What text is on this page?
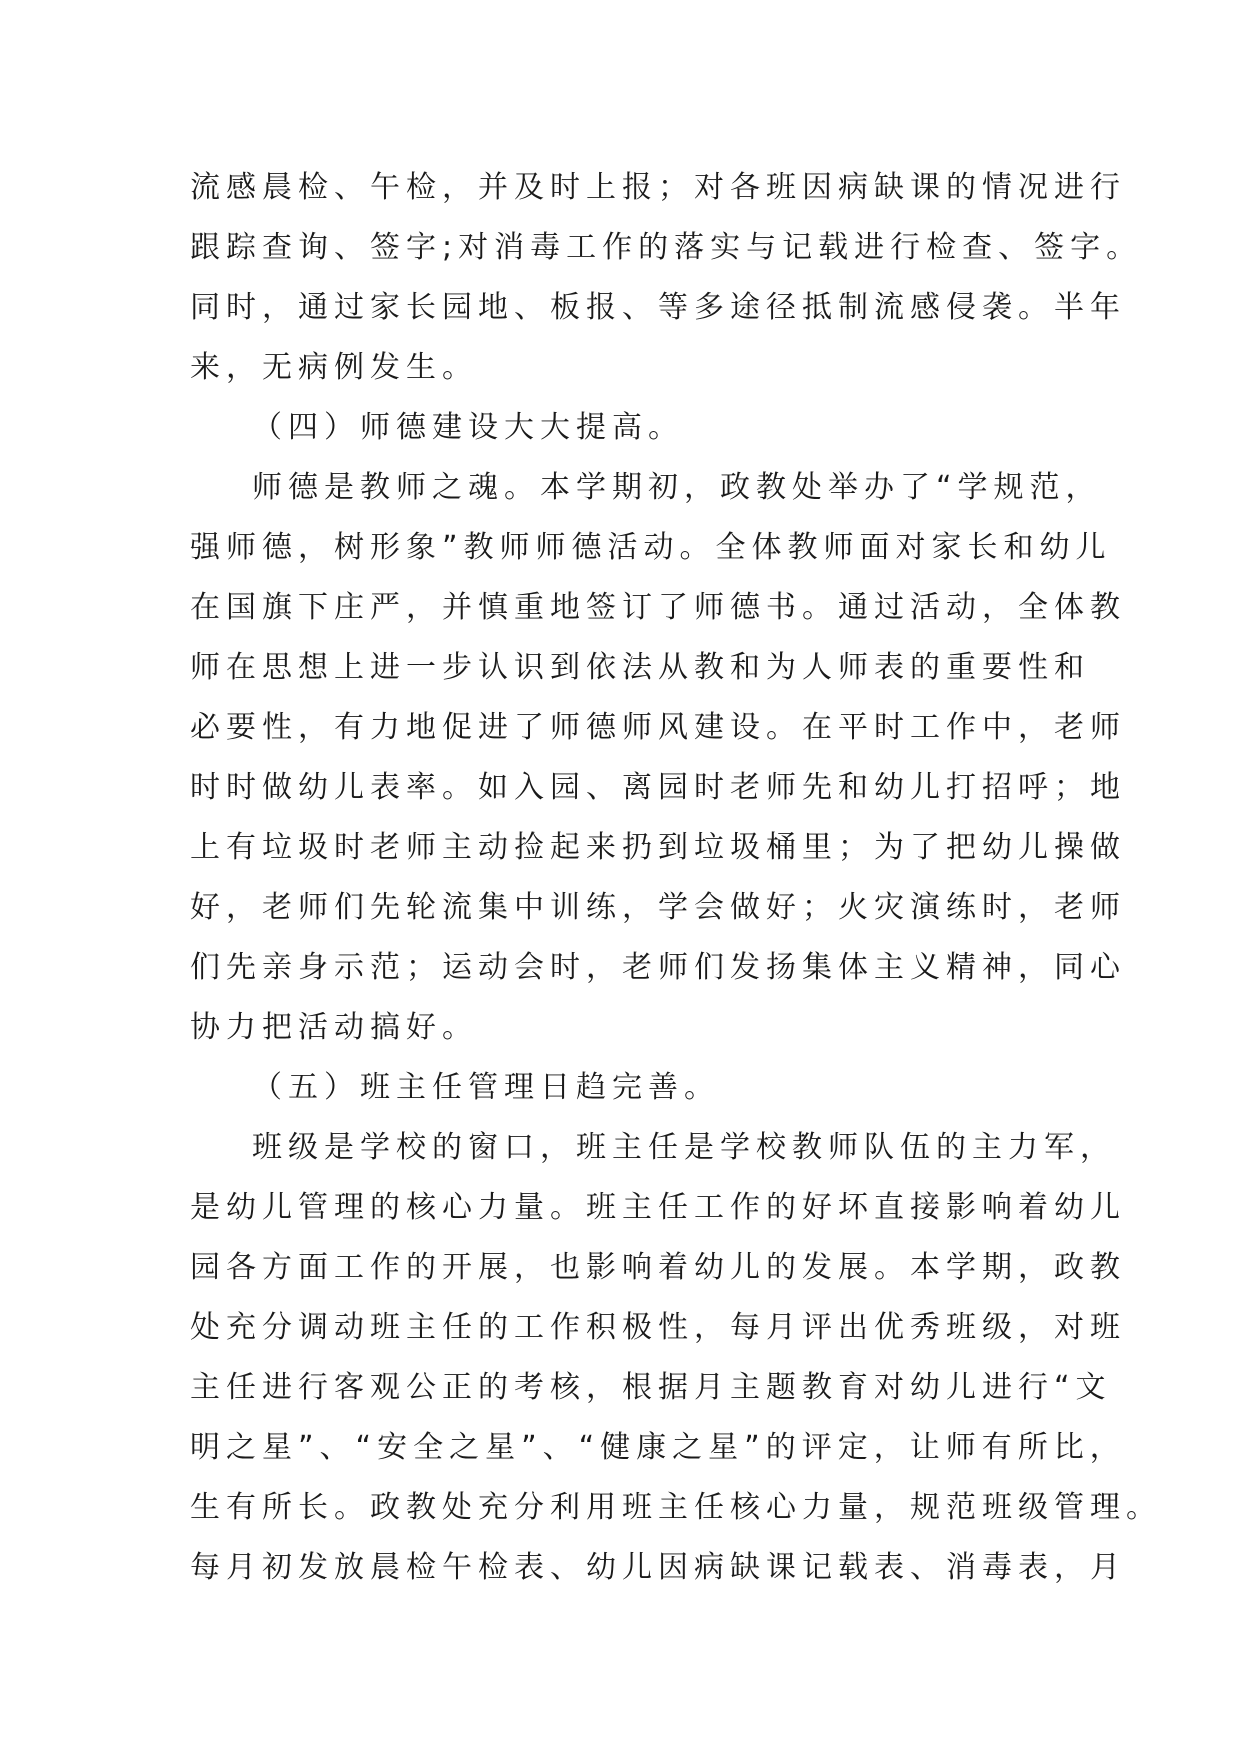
流感晨检、午检，并及时上报；对各班因病缺课的情况进行
跟踪查询、签字;对消毒工作的落实与记载进行检查、签字。
同时，通过家长园地、板报、等多途径抵制流感侵袭。半年
来，无病例发生。
（四）师德建设大大提高。
师德是教师之魂。本学期初，政教处举办了“学规范，
强师德，树形象”教师师德活动。全体教师面对家长和幼儿
在国旗下庄严，并慎重地签订了师德书。通过活动，全体教
师在思想上进一步认识到依法从教和为人师表的重要性和
必要性，有力地促进了师德师风建设。在平时工作中，老师
时时做幼儿表率。如入园、离园时老师先和幼儿打招呼；地
上有垃圾时老师主动捡起来扔到垃圾桶里；为了把幼儿操做
好，老师们先轮流集中训练，学会做好；火灾演练时，老师
们先亲身示范；运动会时，老师们发扬集体主义精神，同心
协力把活动搞好。
（五）班主任管理日趋完善。
班级是学校的窗口，班主任是学校教师队伍的主力军，
是幼儿管理的核心力量。班主任工作的好坏直接影响着幼儿
园各方面工作的开展，也影响着幼儿的发展。本学期，政教
处充分调动班主任的工作积极性，每月评出优秀班级，对班
主任进行客观公正的考核，根据月主题教育对幼儿进行“文
明之星”、“安全之星”、“健康之星”的评定，让师有所比，
生有所长。政教处充分利用班主任核心力量，规范班级管理。
每月初发放晨检午检表、幼儿因病缺课记载表、消毒表，月
